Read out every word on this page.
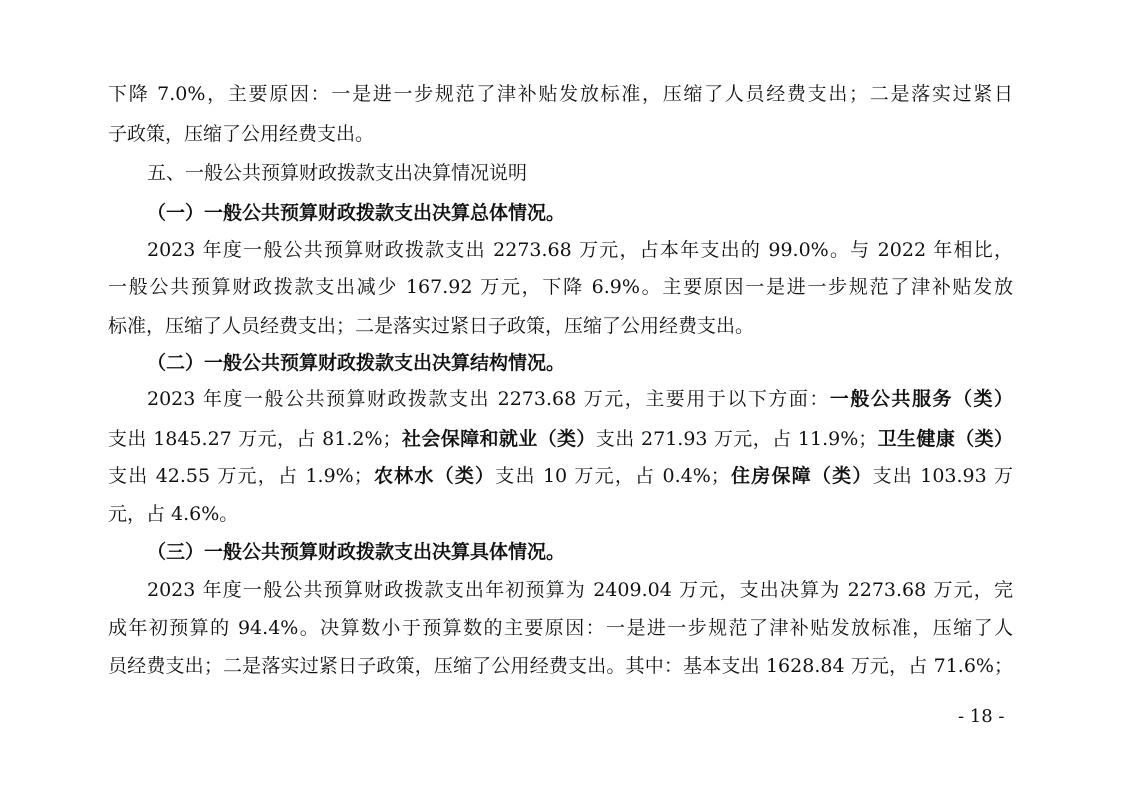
下降 7.0%，主要原因：一是进一步规范了津补贴发放标准，压缩了人员经费支出；二是落实过紧日
子政策，压缩了公用经费支出。
五、一般公共预算财政拨款支出决算情况说明
（一）一般公共预算财政拨款支出决算总体情况。
2023 年度一般公共预算财政拨款支出 2273.68 万元，占本年支出的 99.0%。与 2022 年相比，
一般公共预算财政拨款支出减少 167.92 万元，下降 6.9%。主要原因一是进一步规范了津补贴发放
标准，压缩了人员经费支出；二是落实过紧日子政策，压缩了公用经费支出。
（二）一般公共预算财政拨款支出决算结构情况。
2023 年度一般公共预算财政拨款支出 2273.68 万元，主要用于以下方面：一般公共服务（类）
支出 1845.27 万元，占 81.2%；社会保障和就业（类）支出 271.93 万元，占 11.9%；卫生健康（类）
支出 42.55 万元，占 1.9%；农林水（类）支出 10 万元，占 0.4%；住房保障（类）支出 103.93 万
元，占 4.6%。
（三）一般公共预算财政拨款支出决算具体情况。
2023 年度一般公共预算财政拨款支出年初预算为 2409.04 万元，支出决算为 2273.68 万元，完
成年初预算的 94.4%。决算数小于预算数的主要原因：一是进一步规范了津补贴发放标准，压缩了人
员经费支出；二是落实过紧日子政策，压缩了公用经费支出。其中：基本支出 1628.84 万元，占 71.6%；
- 18 -
